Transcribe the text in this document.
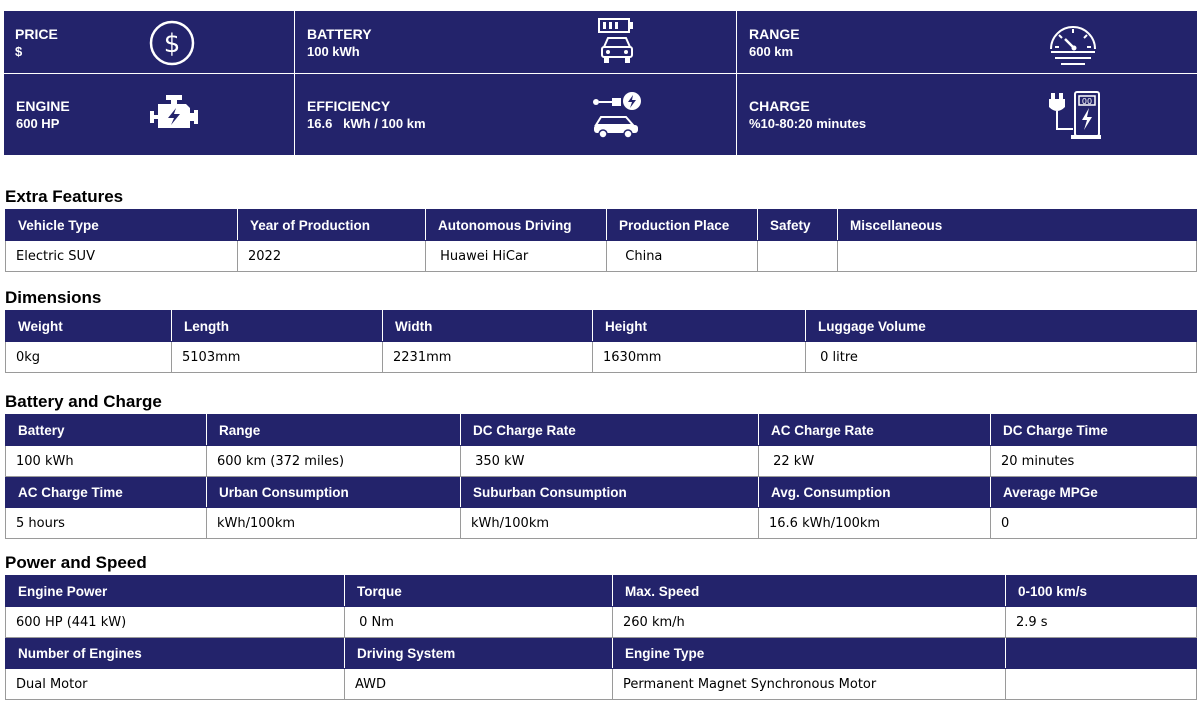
PRICE
$
BATTERY
100 kWh
RANGE
600 km
ENGINE
600 HP
EFFICIENCY
16.6   kWh / 100 km
CHARGE
%10-80:20 minutes
$
00
Extra Features
Vehicle Type	Year of Production	Autonomous Driving	Production Place	Safety	Miscellaneous
Electric SUV	2022	Huawei HiCar	China		
Dimensions
Weight	Length	Width	Height	Luggage Volume
0kg	5103mm	2231mm	1630mm	0 litre
Battery and Charge
Battery	Range	DC Charge Rate	AC Charge Rate	DC Charge Time
100 kWh	600 km (372 miles)	350 kW	22 kW	20 minutes
AC Charge Time	Urban Consumption	Suburban Consumption	Avg. Consumption	Average MPGe
5 hours	kWh/100km	kWh/100km	16.6 kWh/100km	0
Power and Speed
Engine Power	Torque	Max. Speed	0-100 km/s
600 HP (441 kW)	0 Nm	260 km/h	2.9 s
Number of Engines	Driving System	Engine Type	
Dual Motor	AWD	Permanent Magnet Synchronous Motor	
